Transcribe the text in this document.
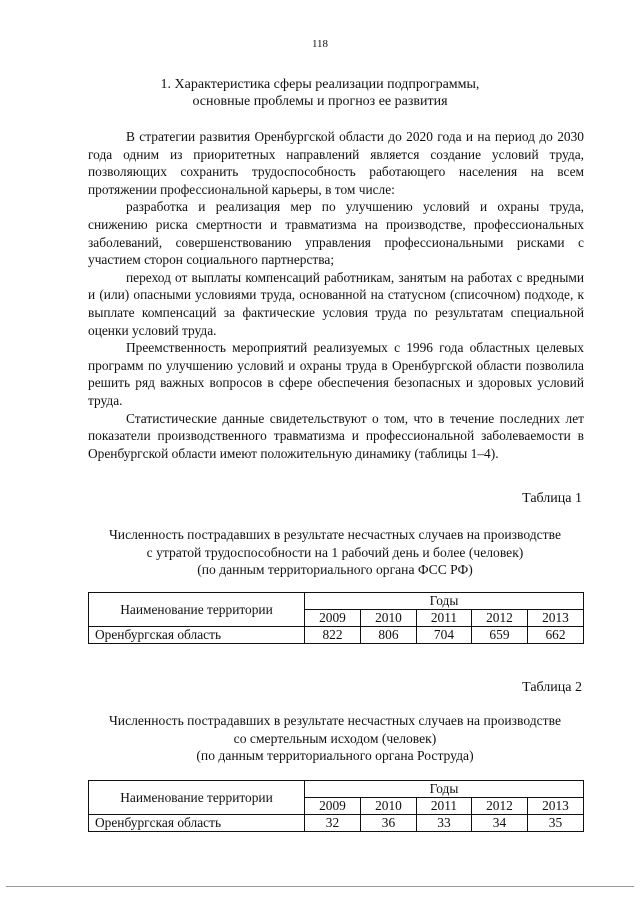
118
1. Характеристика сферы реализации подпрограммы,
основные проблемы и прогноз ее развития

В стратегии развития Оренбургской области до 2020 года и на период до 2030 года одним из приоритетных направлений является создание условий труда, позволяющих сохранить трудоспособность работающего населения на всем протяжении профессиональной карьеры, в том числе:

разработка и реализация мер по улучшению условий и охраны труда, снижению риска смертности и травматизма на производстве, профессиональных заболеваний, совершенствованию управления профессиональными рисками с участием сторон социального партнерства;

переход от выплаты компенсаций работникам, занятым на работах с вредными и (или) опасными условиями труда, основанной на статусном (списочном) подходе, к выплате компенсаций за фактические условия труда по результатам специальной оценки условий труда.

Преемственность мероприятий реализуемых с 1996 года областных целевых программ по улучшению условий и охраны труда в Оренбургской области позволила решить ряд важных вопросов в сфере обеспечения безопасных и здоровых условий труда.

Статистические данные свидетельствуют о том, что в течение последних лет показатели производственного травматизма и профессиональной заболеваемости в Оренбургской области имеют положительную динамику (таблицы 1–4).

Таблица 1
Численность пострадавших в результате несчастных случаев на производстве
с утратой трудоспособности на 1 рабочий день и более (человек)
(по данным территориального органа ФСС РФ)
Наименование территории	Годы				
	2009	2010	2011	2012	2013
Оренбургская область	822	806	704	659	662
Таблица 2
Численность пострадавших в результате несчастных случаев на производстве
со смертельным исходом (человек)
(по данным территориального органа Роструда)
Наименование территории	Годы				
	2009	2010	2011	2012	2013
Оренбургская область	32	36	33	34	35
